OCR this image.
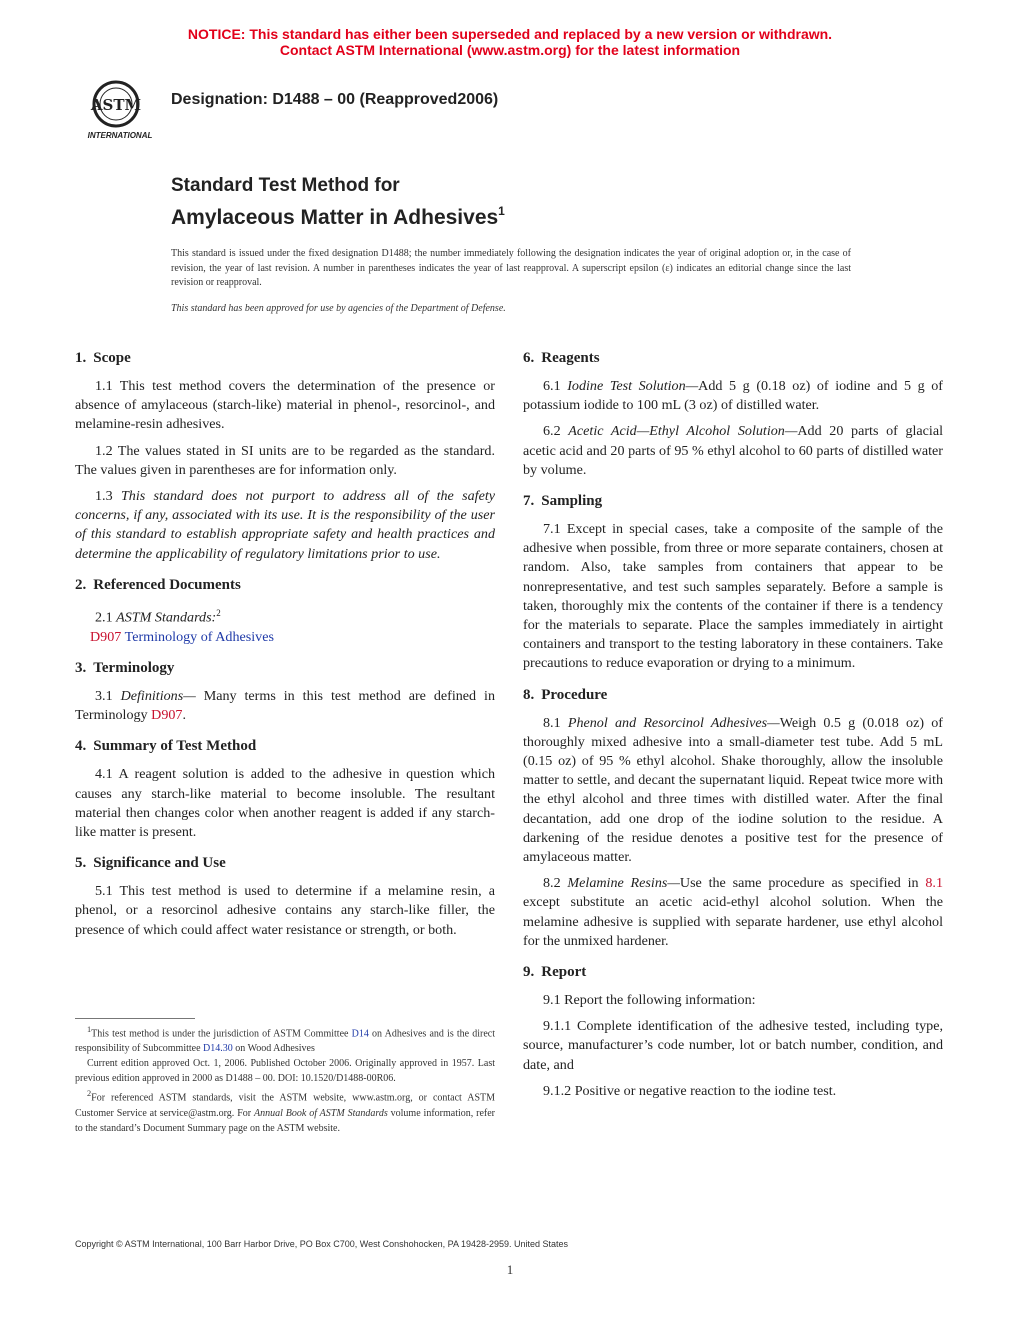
NOTICE: This standard has either been superseded and replaced by a new version or withdrawn.
Contact ASTM International (www.astm.org) for the latest information
ASTM
INTERNATIONAL
Designation: D1488 – 00 (Reapproved2006)
Standard Test Method for
Amylaceous Matter in Adhesives$^1$
This standard is issued under the fixed designation D1488; the number immediately following the designation indicates the year of original adoption or, in the case of revision, the year of last revision. A number in parentheses indicates the year of last reapproval. A superscript epsilon (ε) indicates an editorial change since the last revision or reapproval.
This standard has been approved for use by agencies of the Department of Defense.
1. Scope

1.1 This test method covers the determination of the presence or absence of amylaceous (starch-like) material in phenol-, resorcinol-, and melamine-resin adhesives.

1.2 The values stated in SI units are to be regarded as the standard. The values given in parentheses are for information only.

1.3 This standard does not purport to address all of the safety concerns, if any, associated with its use. It is the responsibility of the user of this standard to establish appropriate safety and health practices and determine the applicability of regulatory limitations prior to use.

2. Referenced Documents

2.1 ASTM Standards:$^2$

D907 Terminology of Adhesives

3. Terminology

3.1 Definitions— Many terms in this test method are defined in Terminology D907.

4. Summary of Test Method

4.1 A reagent solution is added to the adhesive in question which causes any starch-like material to become insoluble. The resultant material then changes color when another reagent is added if any starch-like matter is present.

5. Significance and Use

5.1 This test method is used to determine if a melamine resin, a phenol, or a resorcinol adhesive contains any starch-like filler, the presence of which could affect water resistance or strength, or both.

6. Reagents

6.1 Iodine Test Solution—Add 5 g (0.18 oz) of iodine and 5 g of potassium iodide to 100 mL (3 oz) of distilled water.

6.2 Acetic Acid—Ethyl Alcohol Solution—Add 20 parts of glacial acetic acid and 20 parts of 95 % ethyl alcohol to 60 parts of distilled water by volume.

7. Sampling

7.1 Except in special cases, take a composite of the sample of the adhesive when possible, from three or more separate containers, chosen at random. Also, take samples from containers that appear to be nonrepresentative, and test such samples separately. Before a sample is taken, thoroughly mix the contents of the container if there is a tendency for the materials to separate. Place the samples immediately in airtight containers and transport to the testing laboratory in these containers. Take precautions to reduce evaporation or drying to a minimum.

8. Procedure

8.1 Phenol and Resorcinol Adhesives—Weigh 0.5 g (0.018 oz) of thoroughly mixed adhesive into a small-diameter test tube. Add 5 mL (0.15 oz) of 95 % ethyl alcohol. Shake thoroughly, allow the insoluble matter to settle, and decant the supernatant liquid. Repeat twice more with the ethyl alcohol and three times with distilled water. After the final decantation, add one drop of the iodine solution to the residue. A darkening of the residue denotes a positive test for the presence of amylaceous matter.

8.2 Melamine Resins—Use the same procedure as specified in 8.1 except substitute an acetic acid-ethyl alcohol solution. When the melamine adhesive is supplied with separate hardener, use ethyl alcohol for the unmixed hardener.

9. Report

9.1 Report the following information:

9.1.1 Complete identification of the adhesive tested, including type, source, manufacturer’s code number, lot or batch number, condition, and date, and

9.1.2 Positive or negative reaction to the iodine test.

$^1$This test method is under the jurisdiction of ASTM Committee D14 on Adhesives and is the direct responsibility of Subcommittee D14.30 on Wood Adhesives

Current edition approved Oct. 1, 2006. Published October 2006. Originally approved in 1957. Last previous edition approved in 2000 as D1488 – 00. DOI: 10.1520/D1488-00R06.

$^2$For referenced ASTM standards, visit the ASTM website, www.astm.org, or contact ASTM Customer Service at service@astm.org. For Annual Book of ASTM Standards volume information, refer to the standard’s Document Summary page on the ASTM website.

Copyright © ASTM International, 100 Barr Harbor Drive, PO Box C700, West Conshohocken, PA 19428-2959. United States
1
